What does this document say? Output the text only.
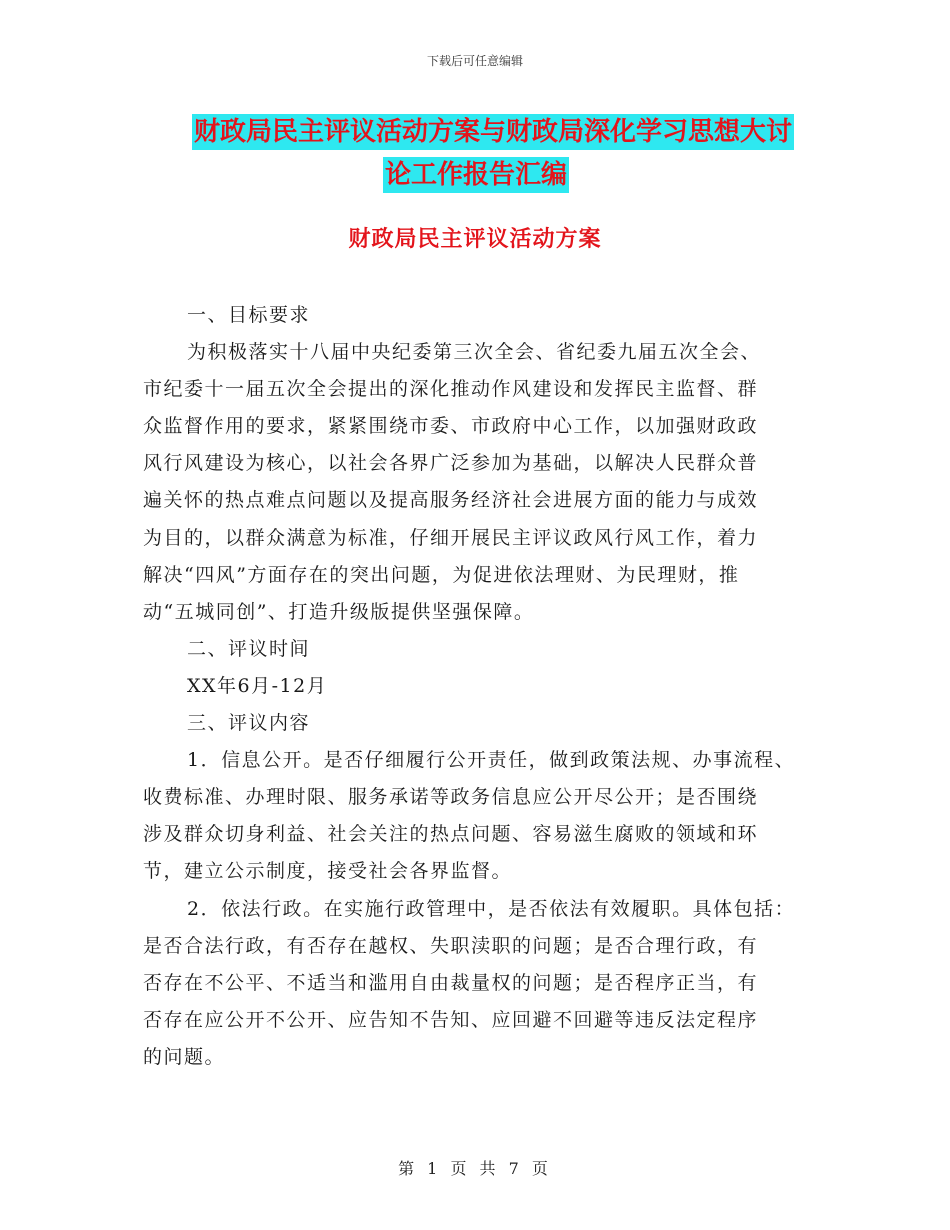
下载后可任意编辑
财政局民主评议活动方案与财政局深化学习思想大讨
论工作报告汇编
财政局民主评议活动方案

一、目标要求

为积极落实十八届中央纪委第三次全会、省纪委九届五次全会、

市纪委十一届五次全会提出的深化推动作风建设和发挥民主监督、群

众监督作用的要求，紧紧围绕市委、市政府中心工作，以加强财政政

风行风建设为核心，以社会各界广泛参加为基础，以解决人民群众普

遍关怀的热点难点问题以及提高服务经济社会进展方面的能力与成效

为目的，以群众满意为标准，仔细开展民主评议政风行风工作，着力

解决“四风”方面存在的突出问题，为促进依法理财、为民理财，推

动“五城同创”、打造升级版提供坚强保障。

二、评议时间

XX年6月-12月

三、评议内容

1．信息公开。是否仔细履行公开责任，做到政策法规、办事流程、

收费标准、办理时限、服务承诺等政务信息应公开尽公开；是否围绕

涉及群众切身利益、社会关注的热点问题、容易滋生腐败的领域和环

节，建立公示制度，接受社会各界监督。

2．依法行政。在实施行政管理中，是否依法有效履职。具体包括：

是否合法行政，有否存在越权、失职渎职的问题；是否合理行政，有

否存在不公平、不适当和滥用自由裁量权的问题；是否程序正当，有

否存在应公开不公开、应告知不告知、应回避不回避等违反法定程序

的问题。

第 1 页 共 7 页
